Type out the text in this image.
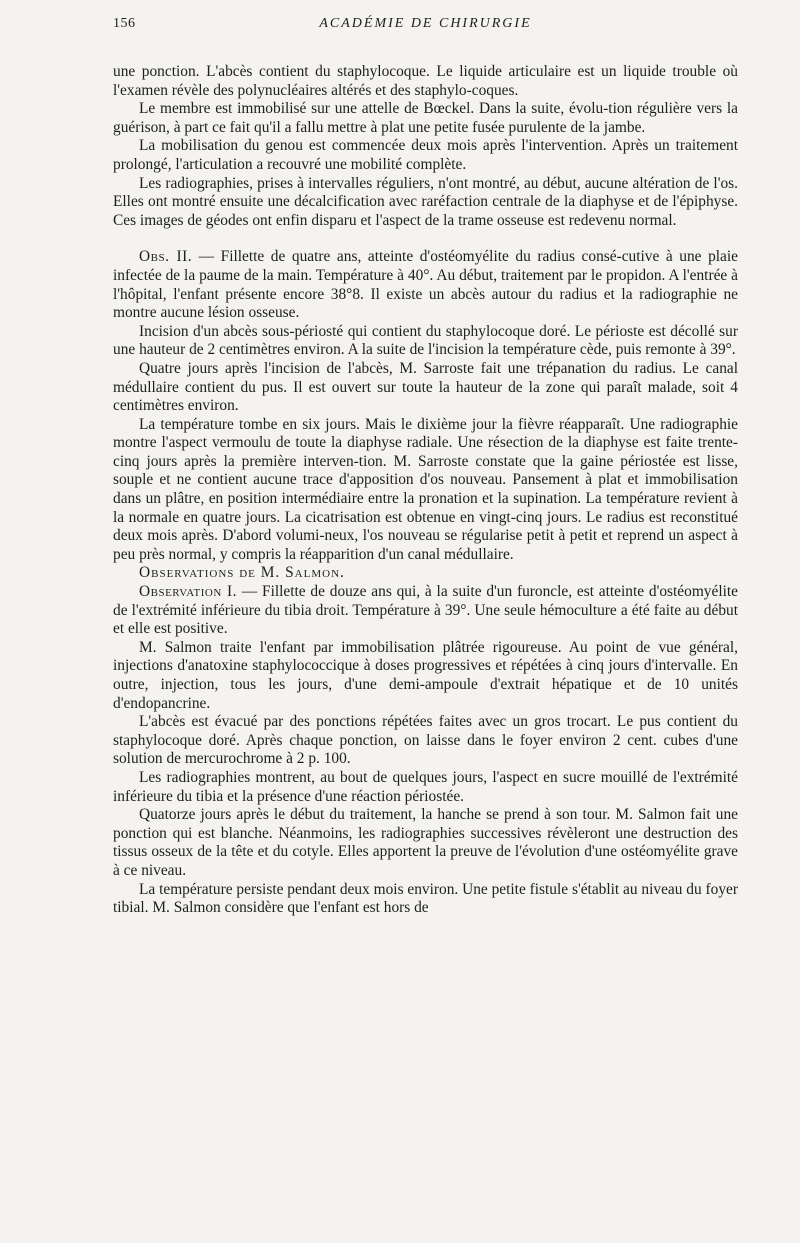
156	ACADÉMIE DE CHIRURGIE

une ponction. L'abcès contient du staphylocoque. Le liquide articulaire est un liquide trouble où l'examen révèle des polynucléaires altérés et des staphylo-coques.

Le membre est immobilisé sur une attelle de Bœckel. Dans la suite, évolu-tion régulière vers la guérison, à part ce fait qu'il a fallu mettre à plat une petite fusée purulente de la jambe.

La mobilisation du genou est commencée deux mois après l'intervention. Après un traitement prolongé, l'articulation a recouvré une mobilité complète.

Les radiographies, prises à intervalles réguliers, n'ont montré, au début, aucune altération de l'os. Elles ont montré ensuite une décalcification avec raréfaction centrale de la diaphyse et de l'épiphyse. Ces images de géodes ont enfin disparu et l'aspect de la trame osseuse est redevenu normal.

Obs. II. — Fillette de quatre ans, atteinte d'ostéomyélite du radius consé-cutive à une plaie infectée de la paume de la main. Température à 40°. Au début, traitement par le propidon. A l'entrée à l'hôpital, l'enfant présente encore 38°8. Il existe un abcès autour du radius et la radiographie ne montre aucune lésion osseuse.

Incision d'un abcès sous-périosté qui contient du staphylocoque doré. Le périoste est décollé sur une hauteur de 2 centimètres environ. A la suite de l'incision la température cède, puis remonte à 39°.

Quatre jours après l'incision de l'abcès, M. Sarroste fait une trépanation du radius. Le canal médullaire contient du pus. Il est ouvert sur toute la hauteur de la zone qui paraît malade, soit 4 centimètres environ.

La température tombe en six jours. Mais le dixième jour la fièvre réapparaît. Une radiographie montre l'aspect vermoulu de toute la diaphyse radiale. Une résection de la diaphyse est faite trente-cinq jours après la première interven-tion. M. Sarroste constate que la gaine périostée est lisse, souple et ne contient aucune trace d'apposition d'os nouveau. Pansement à plat et immobilisation dans un plâtre, en position intermédiaire entre la pronation et la supination. La température revient à la normale en quatre jours. La cicatrisation est obtenue en vingt-cinq jours. Le radius est reconstitué deux mois après. D'abord volumi-neux, l'os nouveau se régularise petit à petit et reprend un aspect à peu près normal, y compris la réapparition d'un canal médullaire.

Observations de M. Salmon.

Observation I. — Fillette de douze ans qui, à la suite d'un furoncle, est atteinte d'ostéomyélite de l'extrémité inférieure du tibia droit. Température à 39°. Une seule hémoculture a été faite au début et elle est positive.

M. Salmon traite l'enfant par immobilisation plâtrée rigoureuse. Au point de vue général, injections d'anatoxine staphylococcique à doses progressives et répétées à cinq jours d'intervalle. En outre, injection, tous les jours, d'une demi-ampoule d'extrait hépatique et de 10 unités d'endopancrine.

L'abcès est évacué par des ponctions répétées faites avec un gros trocart. Le pus contient du staphylocoque doré. Après chaque ponction, on laisse dans le foyer environ 2 cent. cubes d'une solution de mercurochrome à 2 p. 100.

Les radiographies montrent, au bout de quelques jours, l'aspect en sucre mouillé de l'extrémité inférieure du tibia et la présence d'une réaction périostée.

Quatorze jours après le début du traitement, la hanche se prend à son tour. M. Salmon fait une ponction qui est blanche. Néanmoins, les radiographies successives révèleront une destruction des tissus osseux de la tête et du cotyle. Elles apportent la preuve de l'évolution d'une ostéomyélite grave à ce niveau.

La température persiste pendant deux mois environ. Une petite fistule s'établit au niveau du foyer tibial. M. Salmon considère que l'enfant est hors de
